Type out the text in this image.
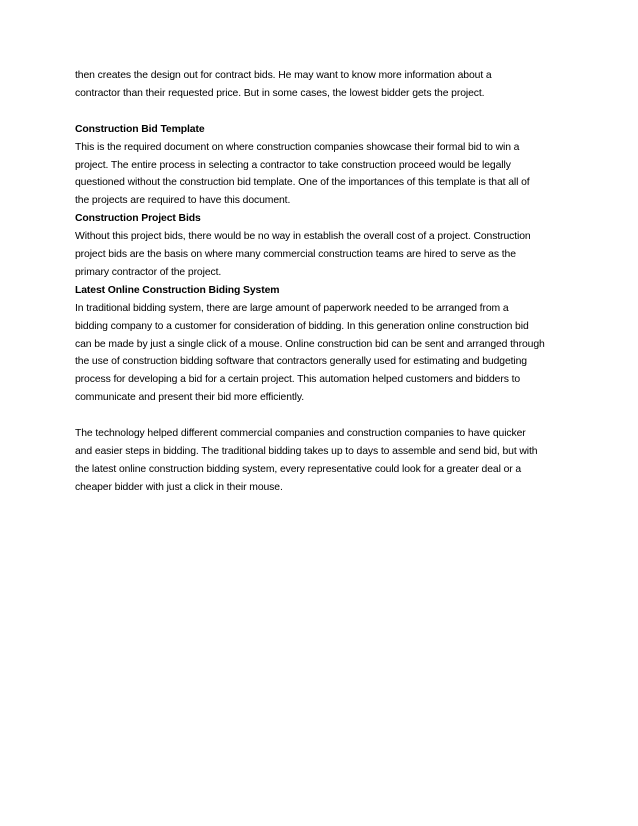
then creates the design out for contract bids. He may want to know more information about a
contractor than their requested price. But in some cases, the lowest bidder gets the project.

Construction Bid Template

This is the required document on where construction companies showcase their formal bid to win a
project. The entire process in selecting a contractor to take construction proceed would be legally
questioned without the construction bid template. One of the importances of this template is that all of
the projects are required to have this document.

Construction Project Bids

Without this project bids, there would be no way in establish the overall cost of a project. Construction
project bids are the basis on where many commercial construction teams are hired to serve as the
primary contractor of the project.

Latest Online Construction Biding System

In traditional bidding system, there are large amount of paperwork needed to be arranged from a
bidding company to a customer for consideration of bidding. In this generation online construction bid
can be made by just a single click of a mouse. Online construction bid can be sent and arranged through
the use of construction bidding software that contractors generally used for estimating and budgeting
process for developing a bid for a certain project. This automation helped customers and bidders to
communicate and present their bid more efficiently.

The technology helped different commercial companies and construction companies to have quicker
and easier steps in bidding. The traditional bidding takes up to days to assemble and send bid, but with
the latest online construction bidding system, every representative could look for a greater deal or a
cheaper bidder with just a click in their mouse.
